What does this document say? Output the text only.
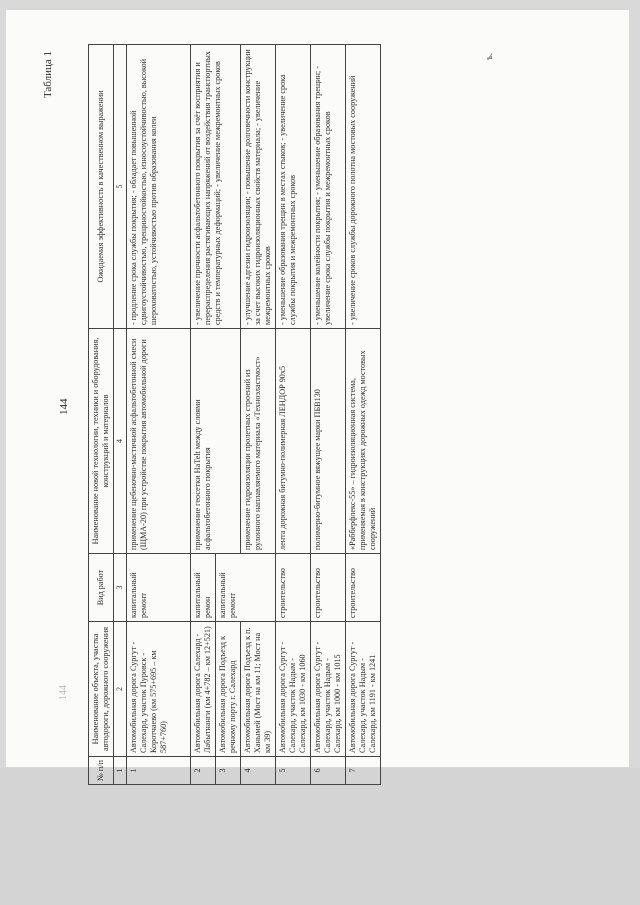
144
144
Таблица 1
№ п/п	Наименование объекта, участка автодороги, дорожного сооружения	Вид работ	Наименование новой технологии, техники и оборудования, конструкций и материалов	Ожидаемая эффективность в качественном выражении
1	2	3	4	5
1	Автомобильная дорога Сургут - Салехард, участок Пуровск - Коротчаево (км 575+695 – км 587+760)	капитальный ремонт	применение щебеночно-мастичной асфальтобетонной смеси (ЩМА-20) при устройстве покрытия автомобильной дороги	- продление срока службы покрытия; - обладает повышенной сдвигоустойчивостью, трещиностойкостью, износоустойчивостью, высокой шероховатостью, устойчивостью против образования колеи
2	Автомобильная дорога Салехард - Лабытнанги (км 4+782 – км 12+521)	капитальный ремон	применение геосетки HaTelt между слоями асфальтобетонного покрытия	- увеличение прочности асфальтобетонного покрытия за счёт восприятия и перераспределения растягивающих напряжений от воздействия транспортных средств и температурных деформаций; - увеличение межремонтных сроков
3	Автомобильная дорога Подъезд к речному порту г. Салехард	капитальный ремонт		
4	Автомобильная дорога Подъезд к п. Ханымей (Мост на км 11; Мост на км 39)		применение гидроизоляции пролетных строений из рулонного наплавляемого материала «Техноэластмост»	- улучшение адгезии гидроизоляции; - повышение долговечности конструкции за счет высоких гидроизоляционных свойств материала; - увеличение межремонтных сроков
5	Автомобильная дорога Сургут - Салехард, участок Надым - Салехард, км 1030 - км 1060	строительство	лента дорожная битумно-полимерная ЛЕНДОР 90х5	- уменьшение образования трещин в местах стыков; - увеличение срока службы покрытия и межремонтных сроков
6	Автомобильная дорога Сургут - Салехард, участок Надым - Салехард, км 1000 - км 1015	строительство	полимерно-битумное вяжущее марки ПБВ130	- уменьшение колейности покрытия; - уменьшение образования трещин; - увеличение срока службы покрытия и межремонтных сроков
7	Автомобильная дорога Сургут - Салехард, участок Надым - Салехард, км 1191 - км 1241	строительство	«Рабберфлекс-55» – гидроизоляционная система, применяемая в конструкциях дорожных одежд мостовых сооружений	- увеличение сроков службы дорожного полотна мостовых сооружений
ъ.
